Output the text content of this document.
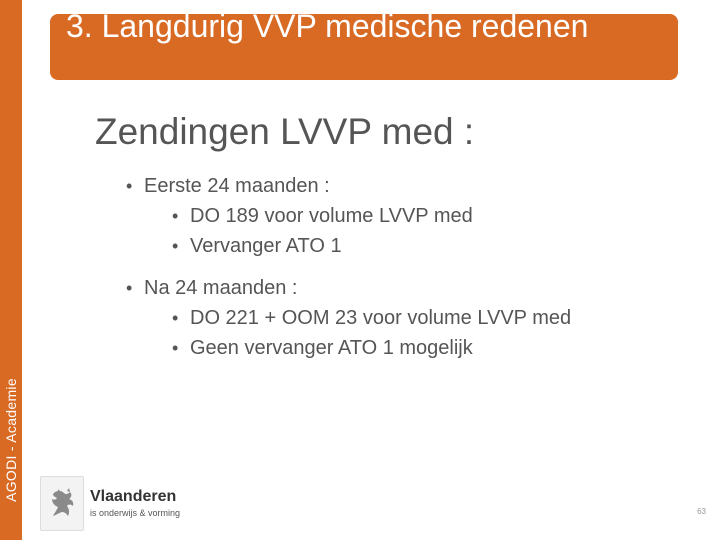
AGODI - Academie
3. Langdurig VVP medische redenen
Zendingen LVVP med :
• Eerste 24 maanden :
• DO 189 voor volume LVVP med
• Vervanger ATO 1
• Na 24 maanden :
• DO 221 + OOM 23 voor volume LVVP med
• Geen vervanger ATO 1 mogelijk
Vlaanderen
is onderwijs & vorming	63
